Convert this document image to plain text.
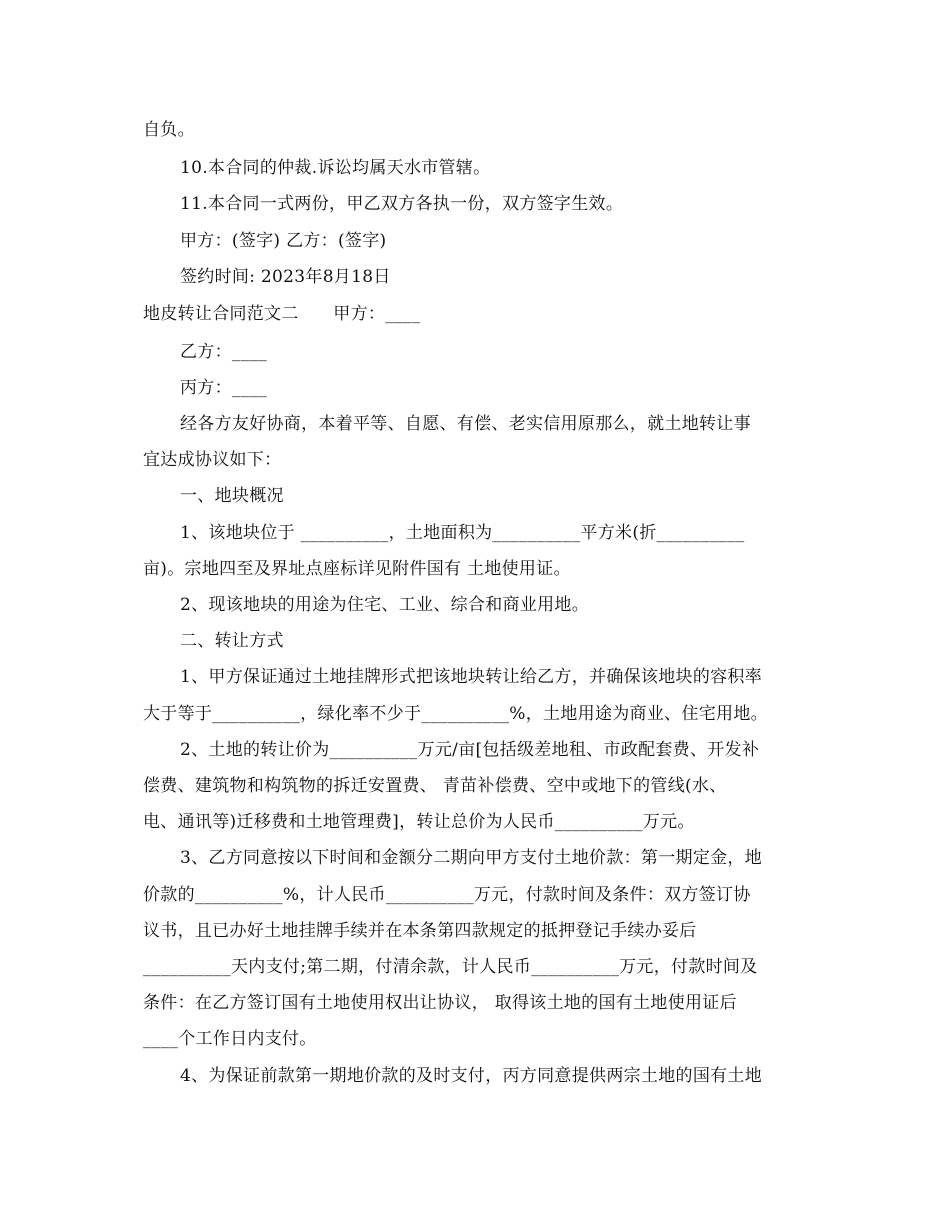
自负。
10.本合同的仲裁.诉讼均属天水市管辖。
11.本合同一式两份，甲乙双方各执一份，双方签字生效。
甲方：(签字) 乙方：(签字)
签约时间: 2023年8月18日
地皮转让合同范文二　　甲方：____
乙方：____
丙方：____
经各方友好协商，本着平等、自愿、有偿、老实信用原那么，就土地转让事
宜达成协议如下：
一、地块概况
1、该地块位于 __________，土地面积为__________平方米(折__________
亩)。宗地四至及界址点座标详见附件国有 土地使用证。
2、现该地块的用途为住宅、工业、综合和商业用地。
二、转让方式
1、甲方保证通过土地挂牌形式把该地块转让给乙方，并确保该地块的容积率
大于等于__________，绿化率不少于__________%，土地用途为商业、住宅用地。
2、土地的转让价为__________万元/亩[包括级差地租、市政配套费、开发补
偿费、建筑物和构筑物的拆迁安置费、 青苗补偿费、空中或地下的管线(水、
电、通讯等)迁移费和土地管理费]，转让总价为人民币__________万元。
3、乙方同意按以下时间和金额分二期向甲方支付土地价款：第一期定金，地
价款的__________%，计人民币__________万元，付款时间及条件：双方签订协
议书，且已办好土地挂牌手续并在本条第四款规定的抵押登记手续办妥后
__________天内支付;第二期，付清余款，计人民币__________万元，付款时间及
条件：在乙方签订国有土地使用权出让协议， 取得该土地的国有土地使用证后
____个工作日内支付。
4、为保证前款第一期地价款的及时支付，丙方同意提供两宗土地的国有土地
